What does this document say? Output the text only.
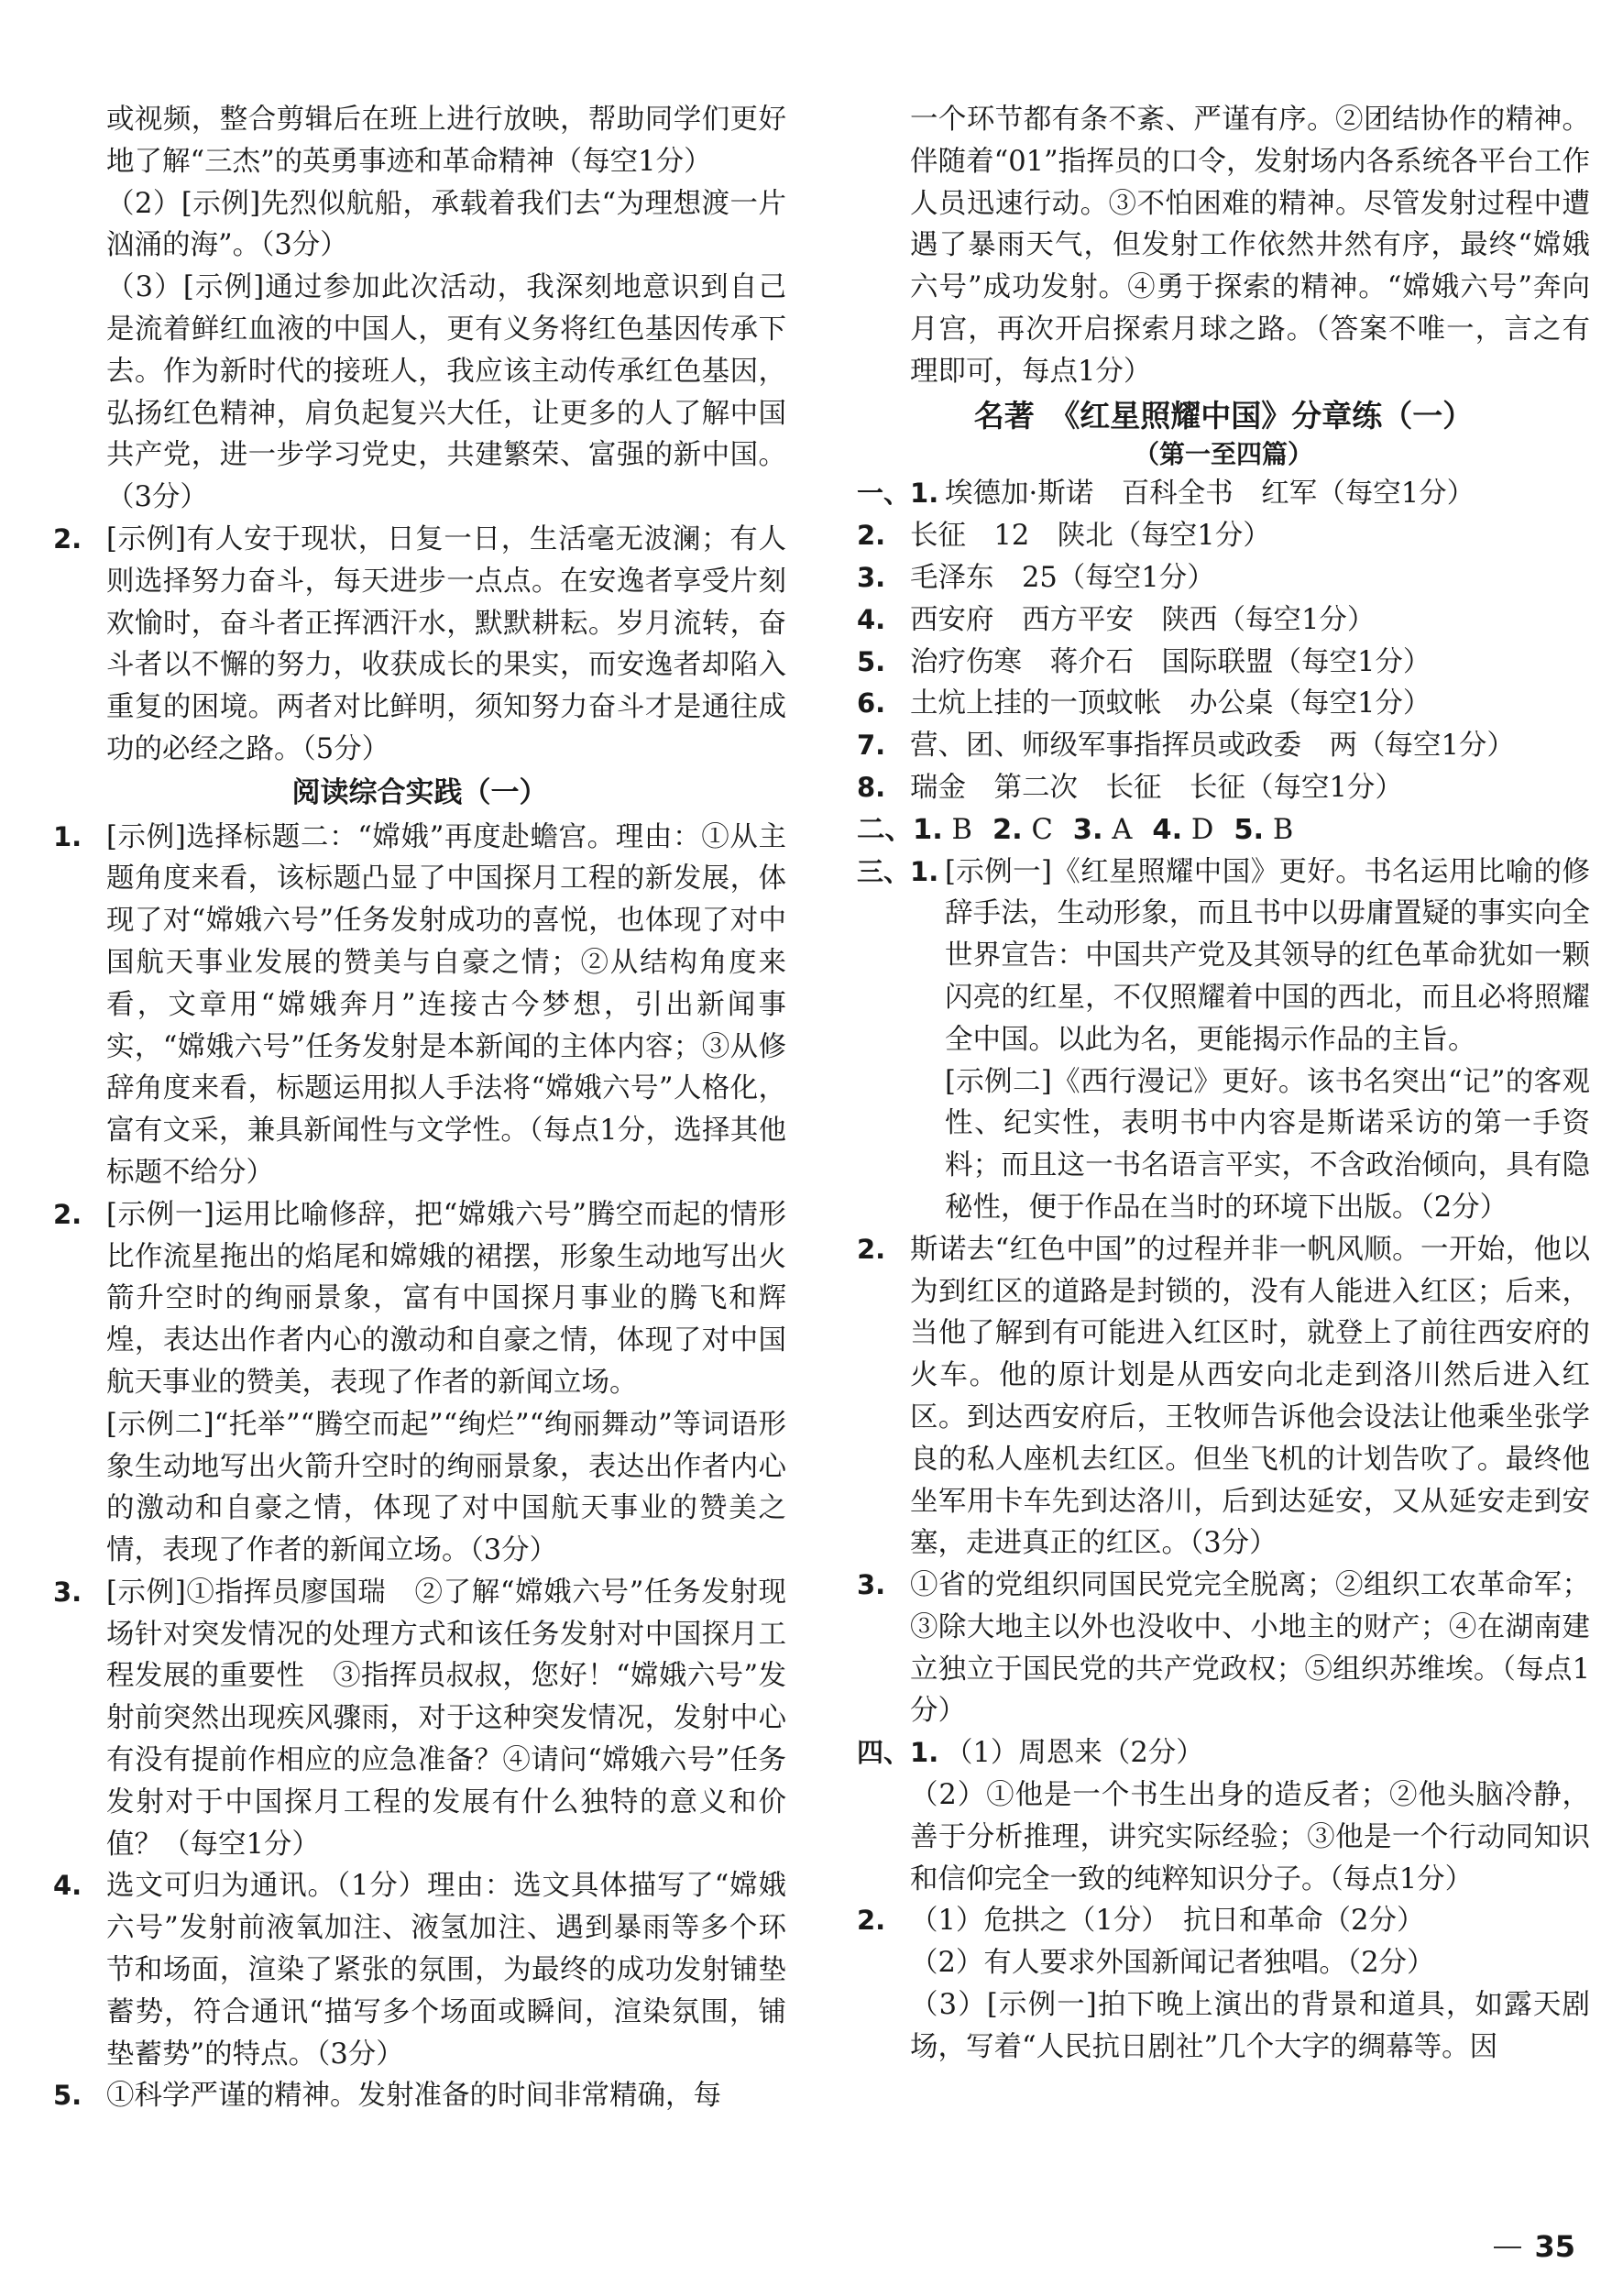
或视频，整合剪辑后在班上进行放映，帮助同学们更好地了解“三杰”的英勇事迹和革命精神（每空1分）

（2）[示例]先烈似航船，承载着我们去“为理想渡一片汹涌的海”。（3分）

（3）[示例]通过参加此次活动，我深刻地意识到自己是流着鲜红血液的中国人，更有义务将红色基因传承下去。作为新时代的接班人，我应该主动传承红色基因，弘扬红色精神，肩负起复兴大任，让更多的人了解中国共产党，进一步学习党史，共建繁荣、富强的新中国。（3分）

2. [示例]有人安于现状，日复一日，生活毫无波澜；有人则选择努力奋斗，每天进步一点点。在安逸者享受片刻欢愉时，奋斗者正挥洒汗水，默默耕耘。岁月流转，奋斗者以不懈的努力，收获成长的果实，而安逸者却陷入重复的困境。两者对比鲜明，须知努力奋斗才是通往成功的必经之路。（5分）

阅读综合实践（一）

1. [示例]选择标题二：“嫦娥”再度赴蟾宫。理由：①从主题角度来看，该标题凸显了中国探月工程的新发展，体现了对“嫦娥六号”任务发射成功的喜悦，也体现了对中国航天事业发展的赞美与自豪之情；②从结构角度来看，文章用“嫦娥奔月”连接古今梦想，引出新闻事实，“嫦娥六号”任务发射是本新闻的主体内容；③从修辞角度来看，标题运用拟人手法将“嫦娥六号”人格化，富有文采，兼具新闻性与文学性。（每点1分，选择其他标题不给分）
2. [示例一]运用比喻修辞，把“嫦娥六号”腾空而起的情形比作流星拖出的焰尾和嫦娥的裙摆，形象生动地写出火箭升空时的绚丽景象，富有中国探月事业的腾飞和辉煌，表达出作者内心的激动和自豪之情，体现了对中国航天事业的赞美，表现了作者的新闻立场。
[示例二]“托举”“腾空而起”“绚烂”“绚丽舞动”等词语形象生动地写出火箭升空时的绚丽景象，表达出作者内心的激动和自豪之情，体现了对中国航天事业的赞美之情，表现了作者的新闻立场。（3分）
3. [示例]①指挥员廖国瑞　②了解“嫦娥六号”任务发射现场针对突发情况的处理方式和该任务发射对中国探月工程发展的重要性　③指挥员叔叔，您好！“嫦娥六号”发射前突然出现疾风骤雨，对于这种突发情况，发射中心有没有提前作相应的应急准备？④请问“嫦娥六号”任务发射对于中国探月工程的发展有什么独特的意义和价值？（每空1分）
4. 选文可归为通讯。（1分）理由：选文具体描写了“嫦娥六号”发射前液氧加注、液氢加注、遇到暴雨等多个环节和场面，渲染了紧张的氛围，为最终的成功发射铺垫蓄势，符合通讯“描写多个场面或瞬间，渲染氛围，铺垫蓄势”的特点。（3分）
5. ①科学严谨的精神。发射准备的时间非常精确，每

一个环节都有条不紊、严谨有序。②团结协作的精神。伴随着“01”指挥员的口令，发射场内各系统各平台工作人员迅速行动。③不怕困难的精神。尽管发射过程中遭遇了暴雨天气，但发射工作依然井然有序，最终“嫦娥六号”成功发射。④勇于探索的精神。“嫦娥六号”奔向月宫，再次开启探索月球之路。（答案不唯一，言之有理即可，每点1分）

名著　《红星照耀中国》分章练（一）

（第一至四篇）

一、1. 埃德加·斯诺　百科全书　红军（每空1分）
2. 长征　12　陕北（每空1分）
3. 毛泽东　25（每空1分）
4. 西安府　西方平安　陕西（每空1分）
5. 治疗伤寒　蒋介石　国际联盟（每空1分）
6. 土炕上挂的一顶蚊帐　办公桌（每空1分）
7. 营、团、师级军事指挥员或政委　两（每空1分）
8. 瑞金　第二次　长征　长征（每空1分）
二、1. B 2. C 3. A 4. D 5. B
三、1. [示例一]《红星照耀中国》更好。书名运用比喻的修辞手法，生动形象，而且书中以毋庸置疑的事实向全世界宣告：中国共产党及其领导的红色革命犹如一颗闪亮的红星，不仅照耀着中国的西北，而且必将照耀全中国。以此为名，更能揭示作品的主旨。
[示例二]《西行漫记》更好。该书名突出“记”的客观性、纪实性，表明书中内容是斯诺采访的第一手资料；而且这一书名语言平实，不含政治倾向，具有隐秘性，便于作品在当时的环境下出版。（2分）
2. 斯诺去“红色中国”的过程并非一帆风顺。一开始，他以为到红区的道路是封锁的，没有人能进入红区；后来，当他了解到有可能进入红区时，就登上了前往西安府的火车。他的原计划是从西安向北走到洛川然后进入红区。到达西安府后，王牧师告诉他会设法让他乘坐张学良的私人座机去红区。但坐飞机的计划告吹了。最终他坐军用卡车先到达洛川，后到达延安，又从延安走到安塞，走进真正的红区。（3分）
3. ①省的党组织同国民党完全脱离；②组织工农革命军；③除大地主以外也没收中、小地主的财产；④在湖南建立独立于国民党的共产党政权；⑤组织苏维埃。（每点1分）
四、1. （1）周恩来（2分）

（2）①他是一个书生出身的造反者；②他头脑冷静，善于分析推理，讲究实际经验；③他是一个行动同知识和信仰完全一致的纯粹知识分子。（每点1分）

2. （1）危拱之（1分）　抗日和革命（2分）

（2）有人要求外国新闻记者独唱。（2分）

（3）[示例一]拍下晚上演出的背景和道具，如露天剧场，写着“人民抗日剧社”几个大字的绸幕等。因

35
